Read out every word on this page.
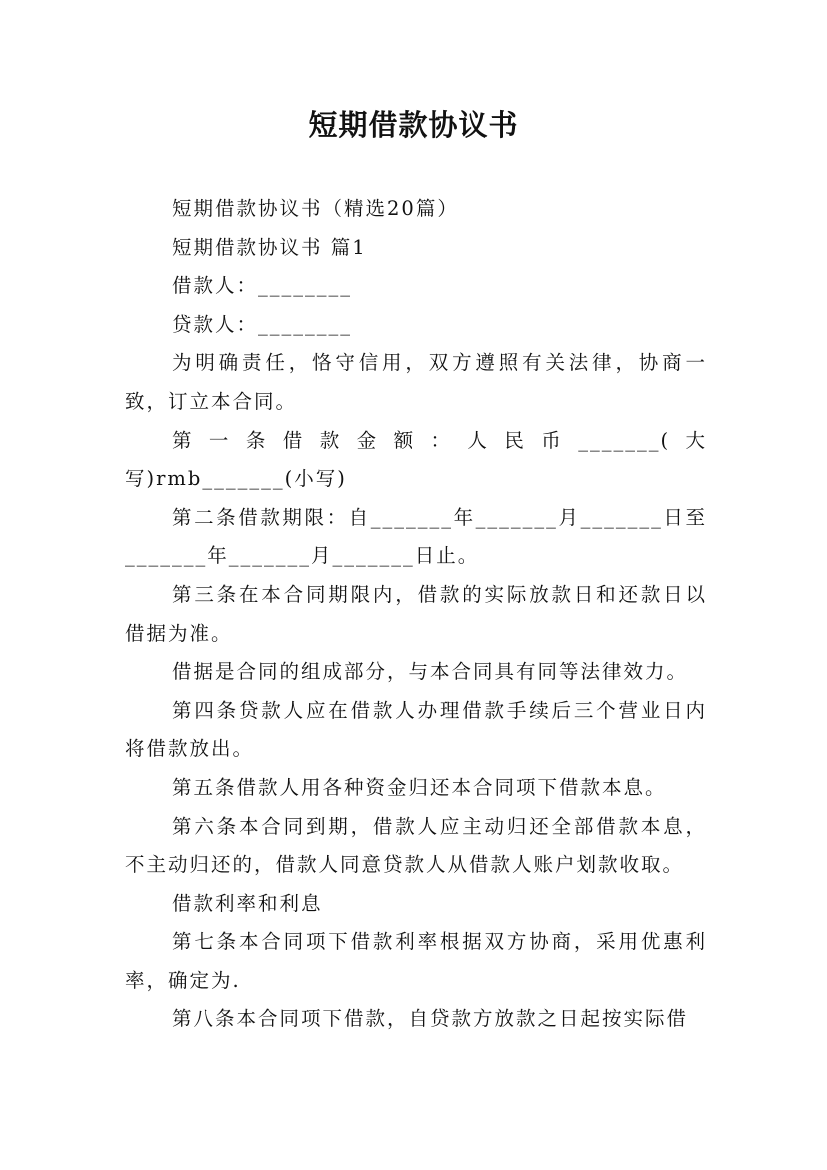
短期借款协议书

短期借款协议书（精选20篇）

短期借款协议书 篇1

借款人：________

贷款人：________

为明确责任，恪守信用，双方遵照有关法律，协商一致，订立本合同。

第一条借款金额：人民币_______(大写)rmb_______(小写)

第二条借款期限：自_______年_______月_______日至_______年_______月_______日止。

第三条在本合同期限内，借款的实际放款日和还款日以借据为准。

借据是合同的组成部分，与本合同具有同等法律效力。

第四条贷款人应在借款人办理借款手续后三个营业日内将借款放出。

第五条借款人用各种资金归还本合同项下借款本息。

第六条本合同到期，借款人应主动归还全部借款本息，不主动归还的，借款人同意贷款人从借款人账户划款收取。

借款利率和利息

第七条本合同项下借款利率根据双方协商，采用优惠利率，确定为.

第八条本合同项下借款，自贷款方放款之日起按实际借
